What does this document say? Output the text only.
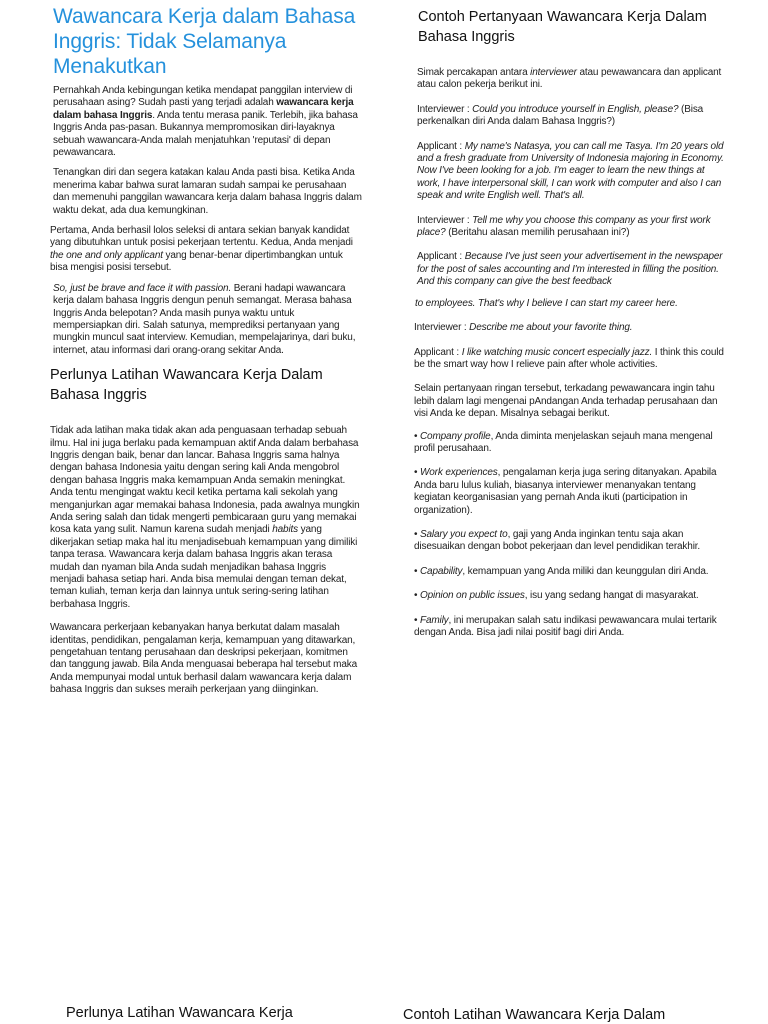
Wawancara Kerja dalam Bahasa Inggris: Tidak Selamanya Menakutkan

Pernahkah Anda kebingungan ketika mendapat panggilan interview di perusahaan asing? Sudah pasti yang terjadi adalah wawancara kerja dalam bahasa Inggris. Anda tentu merasa panik. Terlebih, jika bahasa Inggris Anda pas-pasan. Bukannya mempromosikan diri-layaknya sebuah wawancara-Anda malah menjatuhkan 'reputasi' di depan pewawancara.

Tenangkan diri dan segera katakan kalau Anda pasti bisa. Ketika Anda menerima kabar bahwa surat lamaran sudah sampai ke perusahaan dan memenuhi panggilan wawancara kerja dalam bahasa Inggris dalam waktu dekat, ada dua kemungkinan.

Pertama, Anda berhasil lolos seleksi di antara sekian banyak kandidat yang dibutuhkan untuk posisi pekerjaan tertentu. Kedua, Anda menjadi the one and only applicant yang benar-benar dipertimbangkan untuk bisa mengisi posisi tersebut.

So, just be brave and face it with passion. Berani hadapi wawancara kerja dalam bahasa Inggris dengun penuh semangat. Merasa bahasa Inggris Anda belepotan? Anda masih punya waktu untuk mempersiapkan diri. Salah satunya, memprediksi pertanyaan yang mungkin muncul saat interview. Kemudian, mempelajarinya, dari buku, internet, atau informasi dari orang-orang sekitar Anda.

Perlunya Latihan Wawancara Kerja Dalam Bahasa Inggris

Tidak ada latihan maka tidak akan ada penguasaan terhadap sebuah ilmu. Hal ini juga berlaku pada kemampuan aktif Anda dalam berbahasa Inggris dengan baik, benar dan lancar. Bahasa Inggris sama halnya dengan bahasa Indonesia yaitu dengan sering kali Anda mengobrol dengan bahasa Inggris maka kemampuan Anda semakin meningkat. Anda tentu mengingat waktu kecil ketika pertama kali sekolah yang menganjurkan agar memakai bahasa Indonesia, pada awalnya mungkin Anda sering salah dan tidak mengerti pembicaraan guru yang memakai kosa kata yang sulit. Namun karena sudah menjadi habits yang dikerjakan setiap maka hal itu menjadisebuah kemampuan yang dimiliki tanpa terasa. Wawancara kerja dalam bahasa Inggris akan terasa mudah dan nyaman bila Anda sudah menjadikan bahasa Inggris menjadi bahasa setiap hari. Anda bisa memulai dengan teman dekat, teman kuliah, teman kerja dan lainnya untuk sering-sering latihan berbahasa Inggris.

Wawancara perkerjaan kebanyakan hanya berkutat dalam masalah identitas, pendidikan, pengalaman kerja, kemampuan yang ditawarkan, pengetahuan tentang perusahaan dan deskripsi pekerjaan, komitmen dan tanggung jawab. Bila Anda menguasai beberapa hal tersebut maka Anda mempunyai modal untuk berhasil dalam wawancara kerja dalam bahasa Inggris dan sukses meraih perkerjaan yang diinginkan.

Contoh Pertanyaan Wawancara Kerja Dalam Bahasa Inggris

Simak percakapan antara interviewer atau pewawancara dan applicant atau calon pekerja berikut ini.

Interviewer : Could you introduce yourself in English, please? (Bisa perkenalkan diri Anda dalam Bahasa Inggris?)

Applicant : My name's Natasya, you can call me Tasya. I'm 20 years old and a fresh graduate from University of Indonesia majoring in Economy. Now I've been looking for a job. I'm eager to learn the new things at work, I have interpersonal skill, I can work with computer and also I can speak and write English well. That's all.

Interviewer : Tell me why you choose this company as your first work place? (Beritahu alasan memilih perusahaan ini?)

Applicant : Because I've just seen your advertisement in the newspaper for the post of sales accounting and I'm interested in filling the position. And this company can give the best feedback

to employees. That's why I believe I can start my career here.

Interviewer : Describe me about your favorite thing.

Applicant : I like watching music concert especially jazz. I think this could be the smart way how I relieve pain after whole activities.

Selain pertanyaan ringan tersebut, terkadang pewawancara ingin tahu lebih dalam lagi mengenai pAndangan Anda terhadap perusahaan dan visi Anda ke depan. Misalnya sebagai berikut.

• Company profile, Anda diminta menjelaskan sejauh mana mengenal profil perusahaan.

• Work experiences, pengalaman kerja juga sering ditanyakan. Apabila Anda baru lulus kuliah, biasanya interviewer menanyakan tentang kegiatan keorganisasian yang pernah Anda ikuti (participation in organization).

• Salary you expect to, gaji yang Anda inginkan tentu saja akan disesuaikan dengan bobot pekerjaan dan level pendidikan terakhir.

• Capability, kemampuan yang Anda miliki dan keunggulan diri Anda.

• Opinion on public issues, isu yang sedang hangat di masyarakat.

• Family, ini merupakan salah satu indikasi pewawancara mulai tertarik dengan Anda. Bisa jadi nilai positif bagi diri Anda.

Perlunya Latihan Wawancara Kerja	Contoh Latihan Wawancara Kerja Dalam
